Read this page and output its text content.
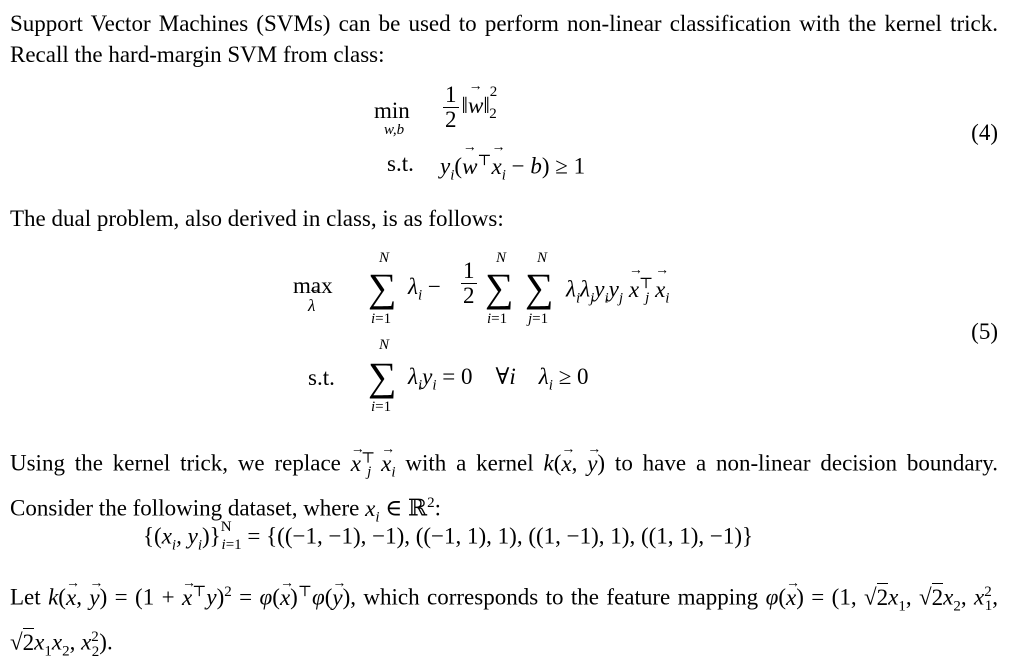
Support Vector Machines (SVMs) can be used to perform non-linear classification with the kernel trick. Recall the hard-margin SVM from class:
min
$w,b \frac{1}{2}$ ‖→ w‖$^2_2$
s.t. $y_i(\to w^⊤\to x_i - b) \ge 1$
(4)
The dual problem, also derived in class, is as follows:
max
→ λ
N
∑
i=1
$\lambda_i - \frac{1}{2}$
N
∑
i=1
N
∑
j=1
$\lambda_i\lambda_jy_iy_j \to x^⊤_j \to x_i$
s.t.
N
∑
i=1
$\lambda_iy_i = 0$ ∀i    $\lambda_i \ge 0$
(5)
Using the kernel trick, we replace → $x^⊤_j \to x_i$ with a kernel k(→ x, → y) to have a non-linear decision boundary. Consider the following dataset, where $x_i$ ∈ ℝ$^2$:
{($x_i$, $y_i)\}^N_{i=1} = \{((-1$, −1), −1), ((−1, 1), 1), ((1, −1), 1), ((1, 1), −1)}
Let k(→ x, → y) = (1 + → x⊤y)$^2$ = φ(→ x)⊤φ(→ y), which corresponds to the feature mapping φ(→ x) = (1, $√2x_1$, $√2x_2$, $x^2_1$, $√2x_1x_2$, $x^2_2$).
